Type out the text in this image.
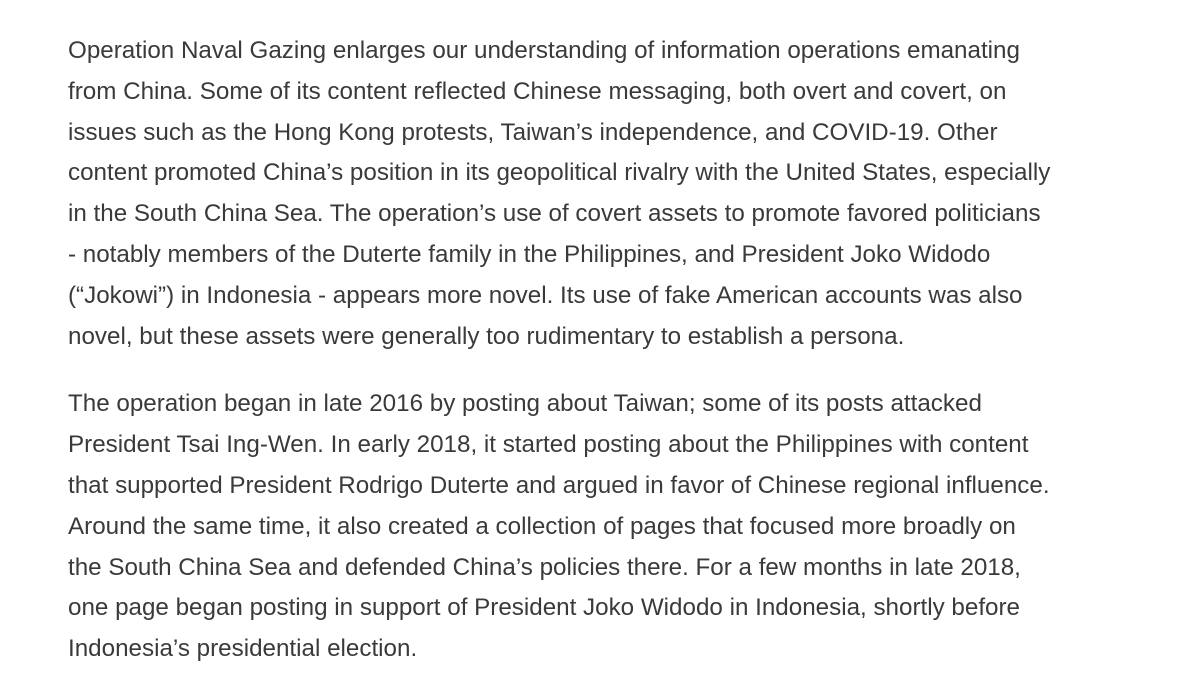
Operation Naval Gazing enlarges our understanding of information operations emanating
from China. Some of its content reflected Chinese messaging, both overt and covert, on
issues such as the Hong Kong protests, Taiwan’s independence, and COVID-19. Other
content promoted China’s position in its geopolitical rivalry with the United States, especially
in the South China Sea. The operation’s use of covert assets to promote favored politicians
- notably members of the Duterte family in the Philippines, and President Joko Widodo
(“Jokowi”) in Indonesia - appears more novel. Its use of fake American accounts was also
novel, but these assets were generally too rudimentary to establish a persona.

The operation began in late 2016 by posting about Taiwan; some of its posts attacked
President Tsai Ing-Wen. In early 2018, it started posting about the Philippines with content
that supported President Rodrigo Duterte and argued in favor of Chinese regional influence.
Around the same time, it also created a collection of pages that focused more broadly on
the South China Sea and defended China’s policies there. For a few months in late 2018,
one page began posting in support of President Joko Widodo in Indonesia, shortly before
Indonesia’s presidential election.
